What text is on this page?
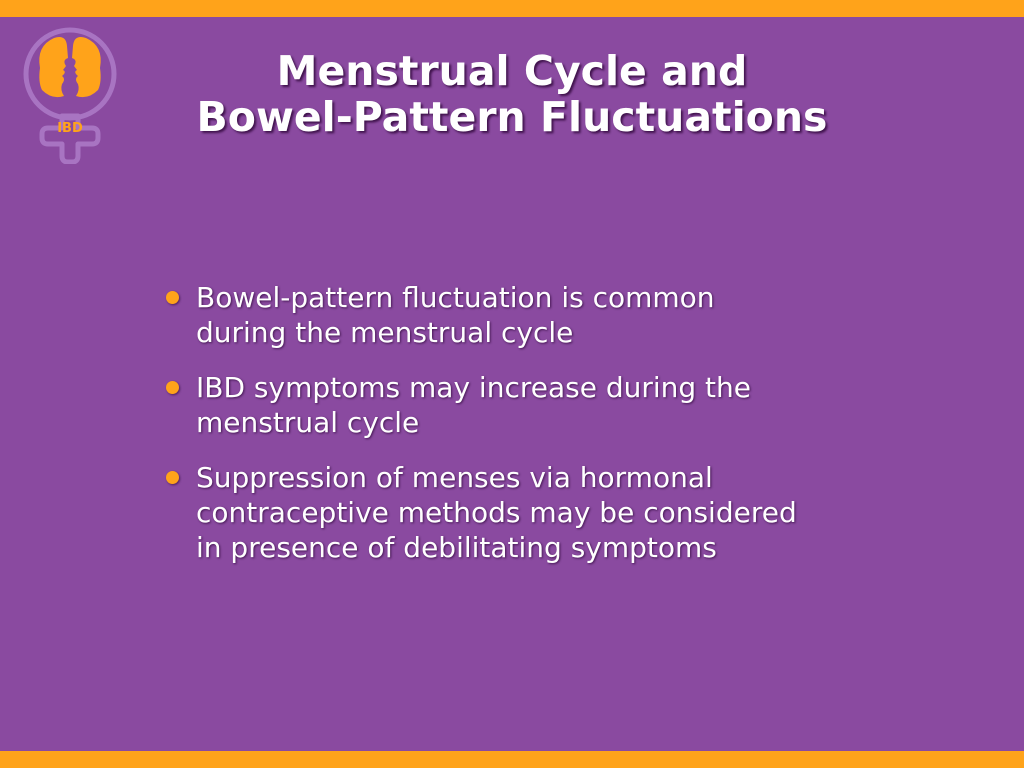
IBD
Menstrual Cycle and
Bowel-Pattern Fluctuations
Bowel-pattern fluctuation is common
during the menstrual cycle
IBD symptoms may increase during the
menstrual cycle
Suppression of menses via hormonal
contraceptive methods may be considered
in presence of debilitating symptoms
